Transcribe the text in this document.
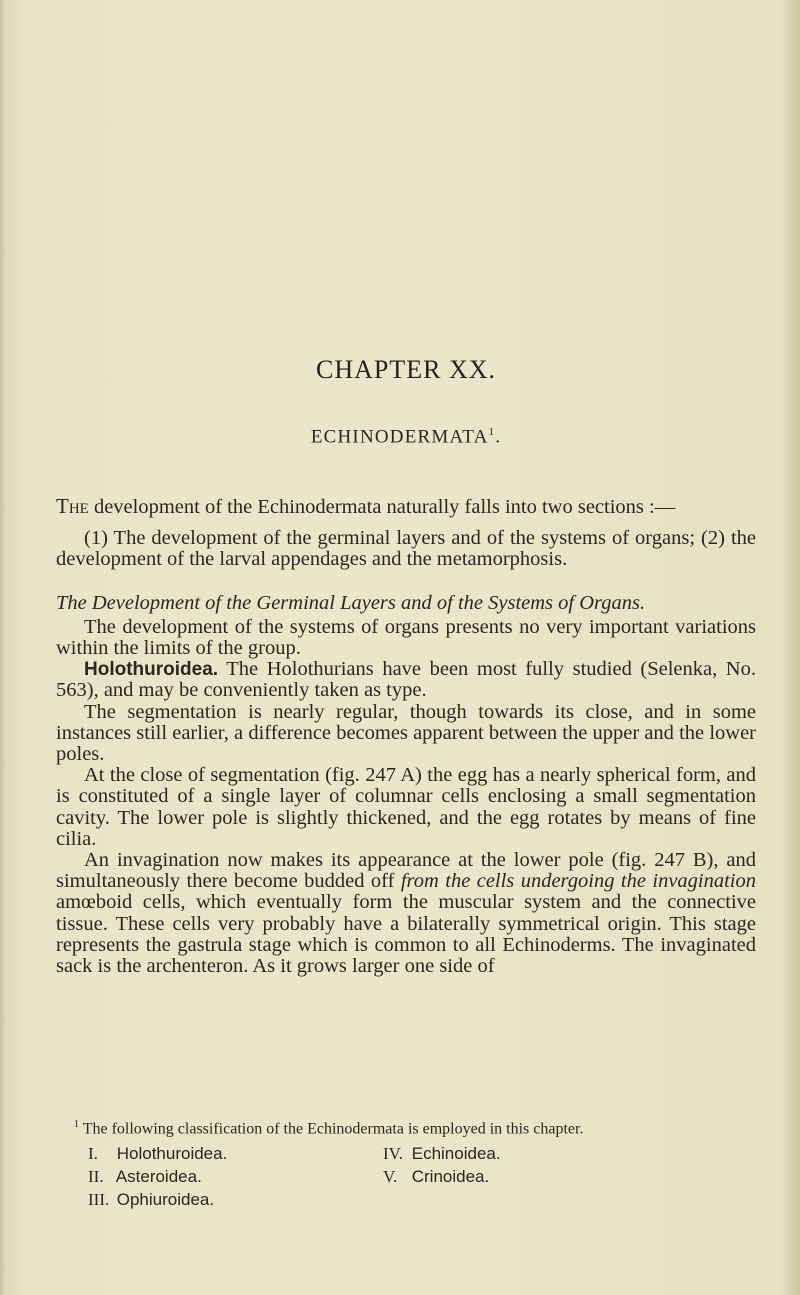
CHAPTER XX.
ECHINODERMATA$^1$.

The development of the Echinodermata naturally falls into two sections :—

(1) The development of the germinal layers and of the systems of organs; (2) the development of the larval appendages and the metamorphosis.

The Development of the Germinal Layers and of the Systems of Organs.

The development of the systems of organs presents no very important variations within the limits of the group.

Holothuroidea. The Holothurians have been most fully studied (Selenka, No. 563), and may be conveniently taken as type.

The segmentation is nearly regular, though towards its close, and in some instances still earlier, a difference becomes apparent between the upper and the lower poles.

At the close of segmentation (fig. 247 A) the egg has a nearly spherical form, and is constituted of a single layer of columnar cells enclosing a small segmentation cavity. The lower pole is slightly thickened, and the egg rotates by means of fine cilia.

An invagination now makes its appearance at the lower pole (fig. 247 B), and simultaneously there become budded off from the cells undergoing the invagination amœboid cells, which eventually form the muscular system and the connective tissue. These cells very probably have a bilaterally symmetrical origin. This stage represents the gastrula stage which is common to all Echinoderms. The invaginated sack is the archenteron. As it grows larger one side of

$^1$ The following classification of the Echinodermata is employed in this chapter.
I. Holothuroidea.	IV. Echinoidea.
II. Asteroidea.	V. Crinoidea.
III. Ophiuroidea.
